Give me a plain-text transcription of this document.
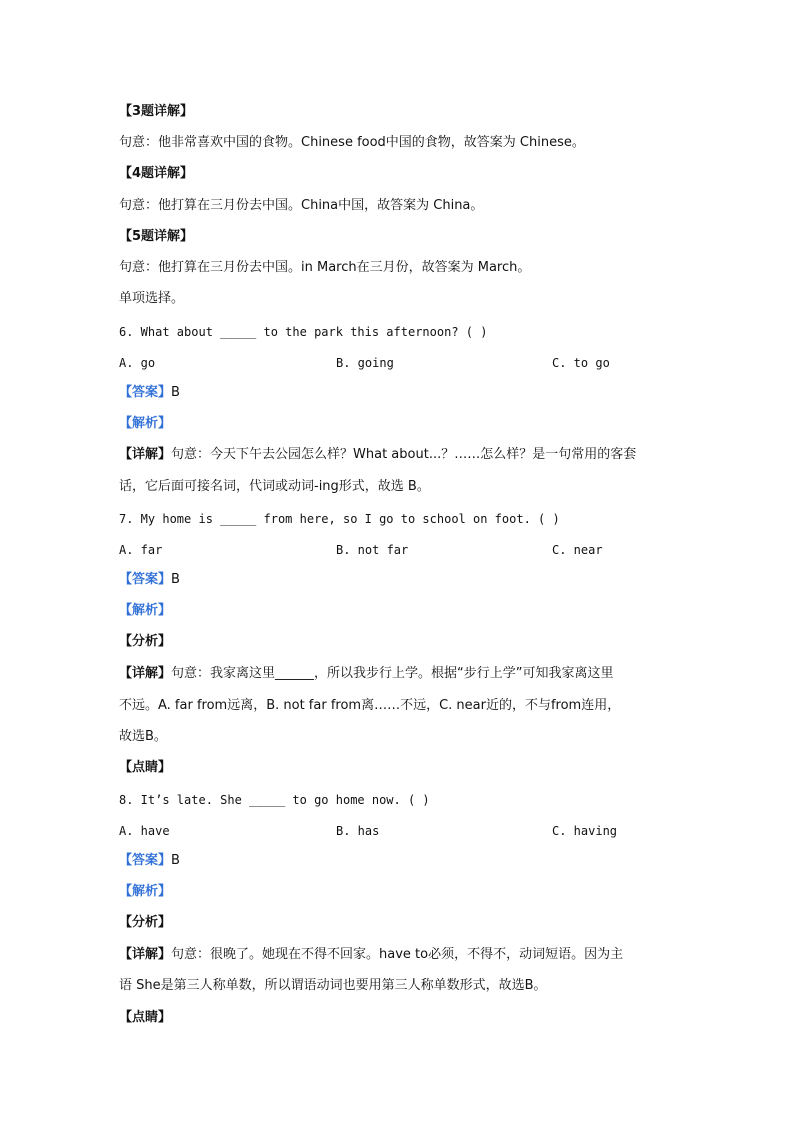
【3题详解】
句意：他非常喜欢中国的食物。Chinese food中国的食物，故答案为 Chinese。
【4题详解】
句意：他打算在三月份去中国。China中国，故答案为 China。
【5题详解】
句意：他打算在三月份去中国。in March在三月份，故答案为 March。
单项选择。
6. What about _____ to the park this afternoon? ( )
A. go	B. going	C. to go
【答案】B
【解析】
【详解】句意：今天下午去公园怎么样？What about...？……怎么样？是一句常用的客套
话，它后面可接名词，代词或动词-ing形式，故选 B。
7. My home is _____ from here, so I go to school on foot. ( )
A. far	B. not far	C. near
【答案】B
【解析】
【分析】
【详解】句意：我家离这里______，所以我步行上学。根据“步行上学”可知我家离这里
不远。A. far from远离，B. not far from离……不远，C. near近的，不与from连用，
故选B。
【点睛】
8. It’s late. She _____ to go home now. ( )
A. have	B. has	C. having
【答案】B
【解析】
【分析】
【详解】句意：很晚了。她现在不得不回家。have to必须，不得不，动词短语。因为主
语 She是第三人称单数，所以谓语动词也要用第三人称单数形式，故选B。
【点睛】
